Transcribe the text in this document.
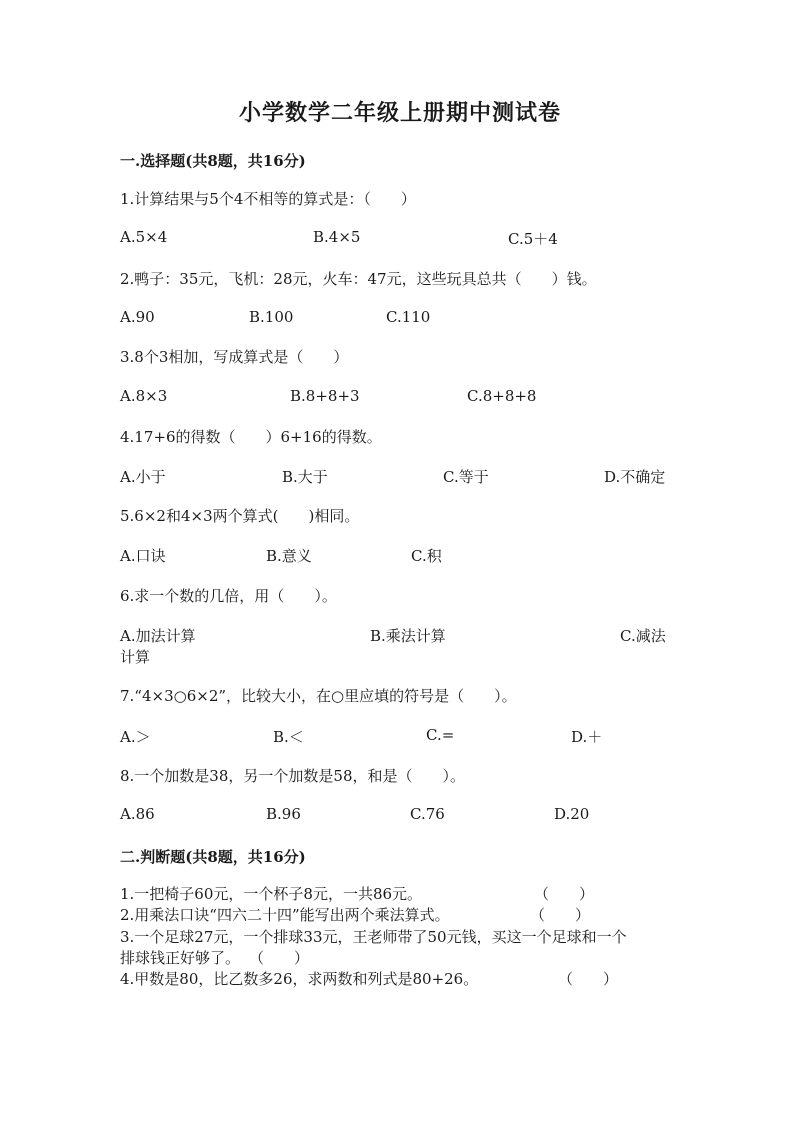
小学数学二年级上册期中测试卷
一.选择题(共8题，共16分)
1.计算结果与5个4不相等的算式是：（　　）
A.5×4	B.4×5	C.5＋4
2.鸭子：35元，飞机：28元，火车：47元，这些玩具总共（　　）钱。
A.90	B.100	C.110
3.8个3相加，写成算式是（　　）
A.8×3	B.8+8+3	C.8+8+8
4.17+6的得数（　　）6+16的得数。
A.小于	B.大于	C.等于	D.不确定
5.6×2和4×3两个算式(　　)相同。
A.口诀	B.意义	C.积
6.求一个数的几倍，用（　　）。
A.加法计算	B.乘法计算	C.减法
计算
7.“4×3○6×2”，比较大小，在○里应填的符号是（　　）。
A.＞	B.＜	C.=	D.＋
8.一个加数是38，另一个加数是58，和是（　　）。
A.86	B.96	C.76	D.20
二.判断题(共8题，共16分)
1.一把椅子60元，一个杯子8元，一共86元。	（　　）
2.用乘法口诀“四六二十四”能写出两个乘法算式。	（　　）
3.一个足球27元，一个排球33元，王老师带了50元钱，买这一个足球和一个
排球钱正好够了。 （　　）
4.甲数是80，比乙数多26，求两数和列式是80+26。	（　　）
